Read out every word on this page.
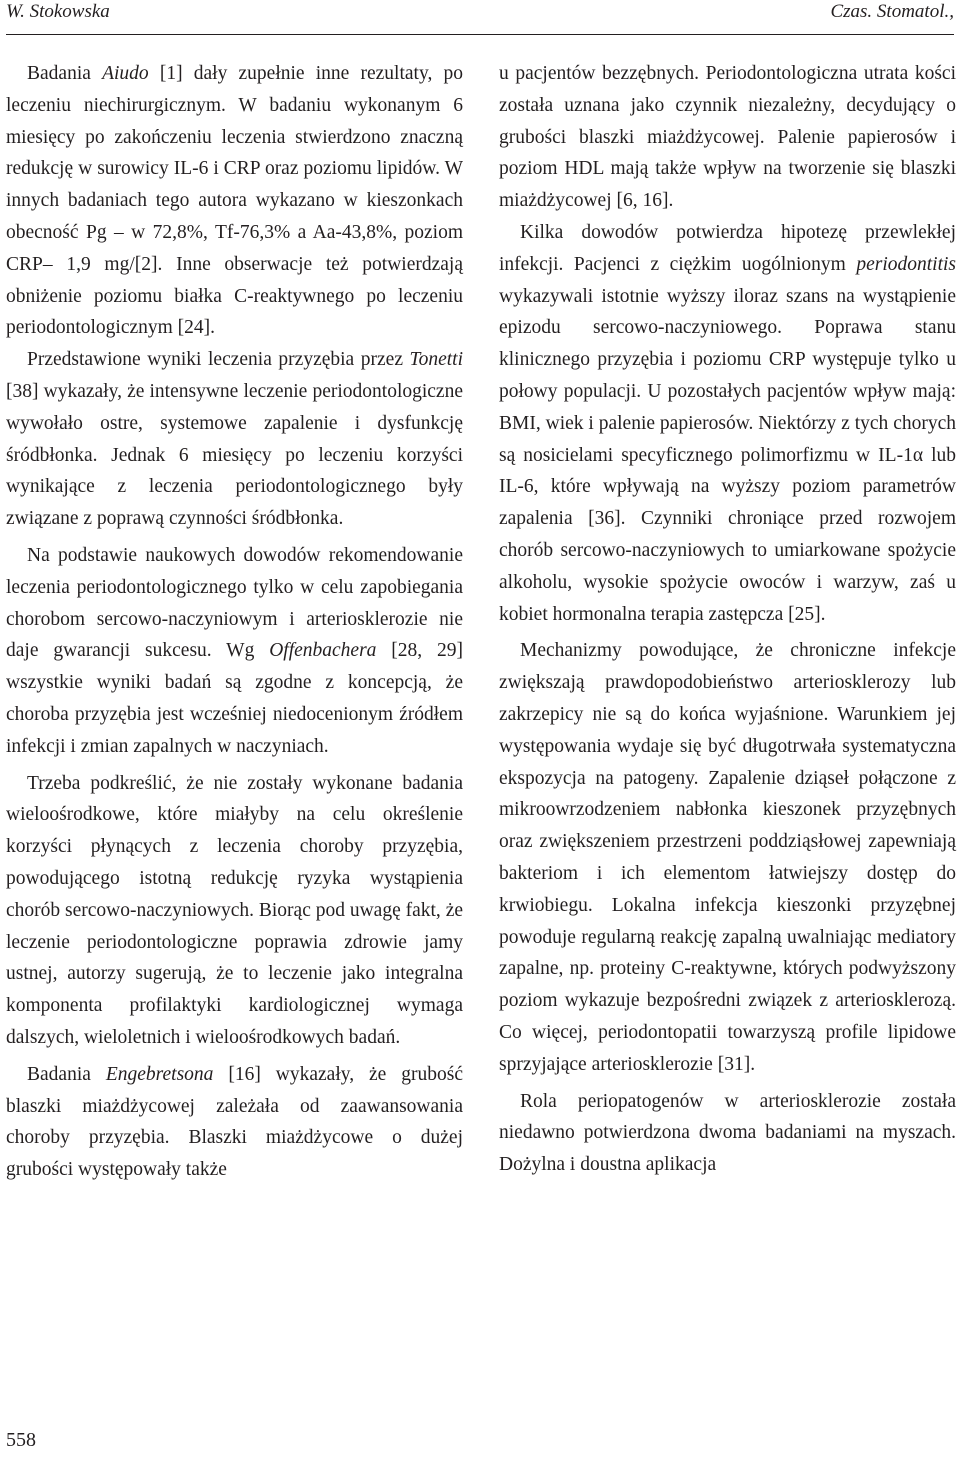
W. Stokowska	Czas. Stomatol.,

Badania Aiudo [1] dały zupełnie inne rezultaty, po leczeniu niechirurgicznym. W badaniu wykonanym 6 miesięcy po zakończeniu leczenia stwierdzono znaczną redukcję w surowicy IL-6 i CRP oraz poziomu lipidów. W innych badaniach tego autora wykazano w kieszonkach obecność Pg – w 72,8%, Tf-76,3% a Aa-43,8%, poziom CRP– 1,9 mg/[2]. Inne obserwacje też potwierdzają obniżenie poziomu białka C-reaktywnego po leczeniu periodontologicznym [24].

Przedstawione wyniki leczenia przyzębia przez Tonetti [38] wykazały, że intensywne leczenie periodontologiczne wywołało ostre, systemowe zapalenie i dysfunkcję śródbłonka. Jednak 6 miesięcy po leczeniu korzyści wynikające z leczenia periodontologicznego były związane z poprawą czynności śródbłonka.

Na podstawie naukowych dowodów rekomendowanie leczenia periodontologicznego tylko w celu zapobiegania chorobom sercowo-naczyniowym i arteriosklerozie nie daje gwarancji sukcesu. Wg Offenbachera [28, 29] wszystkie wyniki badań są zgodne z koncepcją, że choroba przyzębia jest wcześniej niedocenionym źródłem infekcji i zmian zapalnych w naczyniach.

Trzeba podkreślić, że nie zostały wykonane badania wieloośrodkowe, które miałyby na celu określenie korzyści płynących z leczenia choroby przyzębia, powodującego istotną redukcję ryzyka wystąpienia chorób sercowo-naczyniowych. Biorąc pod uwagę fakt, że leczenie periodontologiczne poprawia zdrowie jamy ustnej, autorzy sugerują, że to leczenie jako integralna komponenta profilaktyki kardiologicznej wymaga dalszych, wieloletnich i wieloośrodkowych badań.

Badania Engebretsona [16] wykazały, że grubość blaszki miażdżycowej zależała od zaawansowania choroby przyzębia. Blaszki miażdżycowe o dużej grubości występowały także

u pacjentów bezzębnych. Periodontologiczna utrata kości została uznana jako czynnik niezależny, decydujący o grubości blaszki miażdżycowej. Palenie papierosów i poziom HDL mają także wpływ na tworzenie się blaszki miażdżycowej [6, 16].

Kilka dowodów potwierdza hipotezę przewlekłej infekcji. Pacjenci z ciężkim uogólnionym periodontitis wykazywali istotnie wyższy iloraz szans na wystąpienie epizodu sercowo-naczyniowego. Poprawa stanu klinicznego przyzębia i poziomu CRP występuje tylko u połowy populacji. U pozostałych pacjentów wpływ mają: BMI, wiek i palenie papierosów. Niektórzy z tych chorych są nosicielami specyficznego polimorfizmu w IL-1α lub IL-6, które wpływają na wyższy poziom parametrów zapalenia [36]. Czynniki chroniące przed rozwojem chorób sercowo-naczyniowych to umiarkowane spożycie alkoholu, wysokie spożycie owoców i warzyw, zaś u kobiet hormonalna terapia zastępcza [25].

Mechanizmy powodujące, że chroniczne infekcje zwiększają prawdopodobieństwo arteriosklerozy lub zakrzepicy nie są do końca wyjaśnione. Warunkiem jej występowania wydaje się być długotrwała systematyczna ekspozycja na patogeny. Zapalenie dziąseł połączone z mikroowrzodzeniem nabłonka kieszonek przyzębnych oraz zwiększeniem przestrzeni poddziąsłowej zapewniają bakteriom i ich elementom łatwiejszy dostęp do krwiobiegu. Lokalna infekcja kieszonki przyzębnej powoduje regularną reakcję zapalną uwalniając mediatory zapalne, np. proteiny C-reaktywne, których podwyższony poziom wykazuje bezpośredni związek z arteriosklerozą. Co więcej, periodontopatii towarzyszą profile lipidowe sprzyjające arteriosklerozie [31].

Rola periopatogenów w arteriosklerozie została niedawno potwierdzona dwoma badaniami na myszach. Dożylna i doustna aplikacja

558
